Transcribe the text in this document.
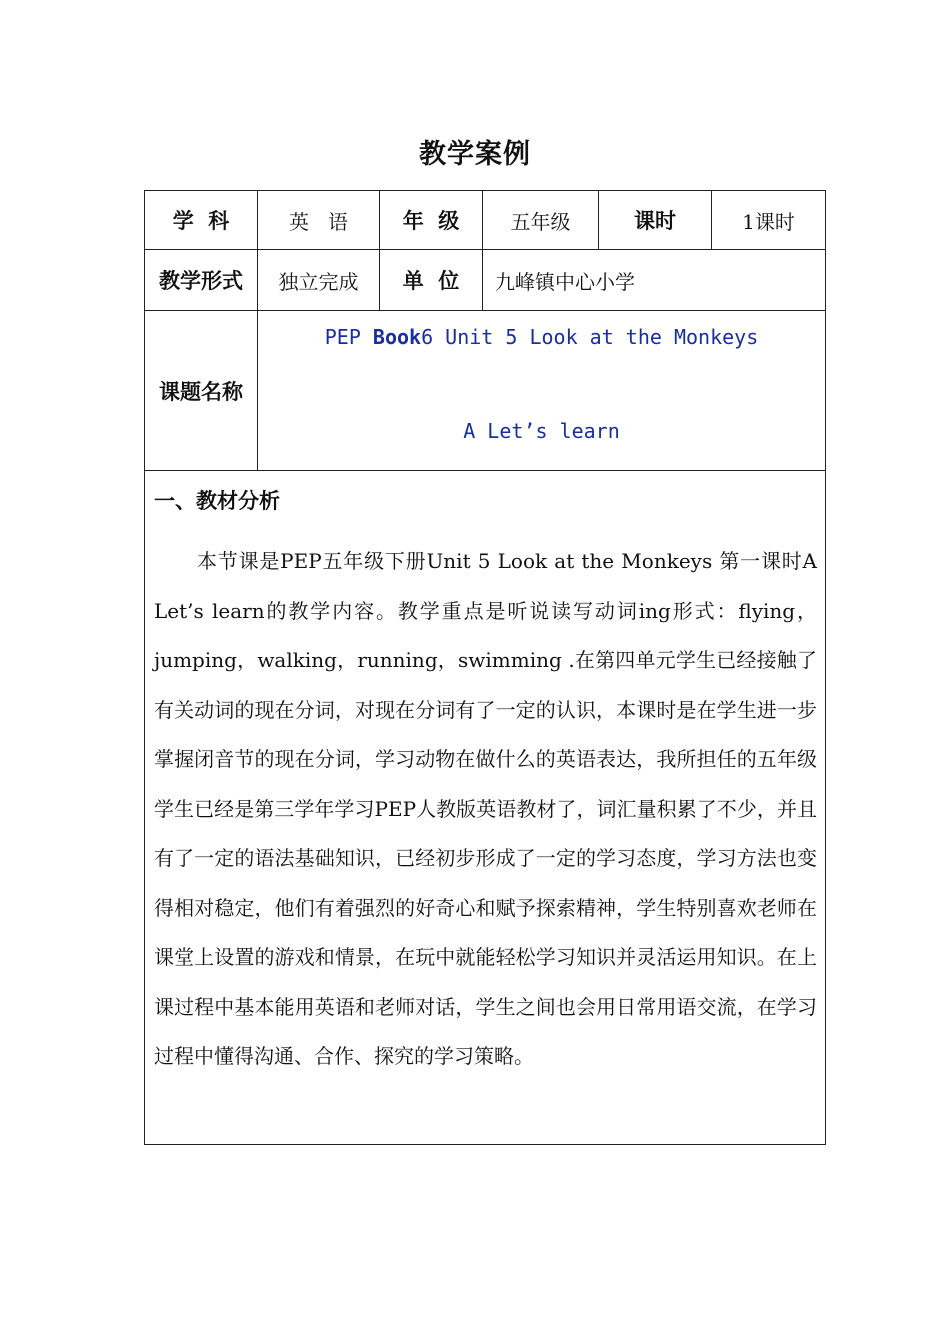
教学案例
学  科	英   语	年  级	五年级	课时	1课时
教学形式	独立完成	单  位	九峰镇中心小学		
课题名称	PEP Book6 Unit 5 Look at the Monkeys
A Let’s learn				

一、教材分析
本节课是PEP五年级下册Unit 5 Look at the Monkeys 第一课时A Let’s learn的教学内容。教学重点是听说读写动词ing形式：flying，jumping，walking，running，swimming .在第四单元学生已经接触了有关动词的现在分词，对现在分词有了一定的认识，本课时是在学生进一步掌握闭音节的现在分词，学习动物在做什么的英语表达，我所担任的五年级学生已经是第三学年学习PEP人教版英语教材了，词汇量积累了不少，并且有了一定的语法基础知识，已经初步形成了一定的学习态度，学习方法也变得相对稳定，他们有着强烈的好奇心和赋予探索精神，学生特别喜欢老师在课堂上设置的游戏和情景，在玩中就能轻松学习知识并灵活运用知识。在上课过程中基本能用英语和老师对话，学生之间也会用日常用语交流，在学习过程中懂得沟通、合作、探究的学习策略。					
